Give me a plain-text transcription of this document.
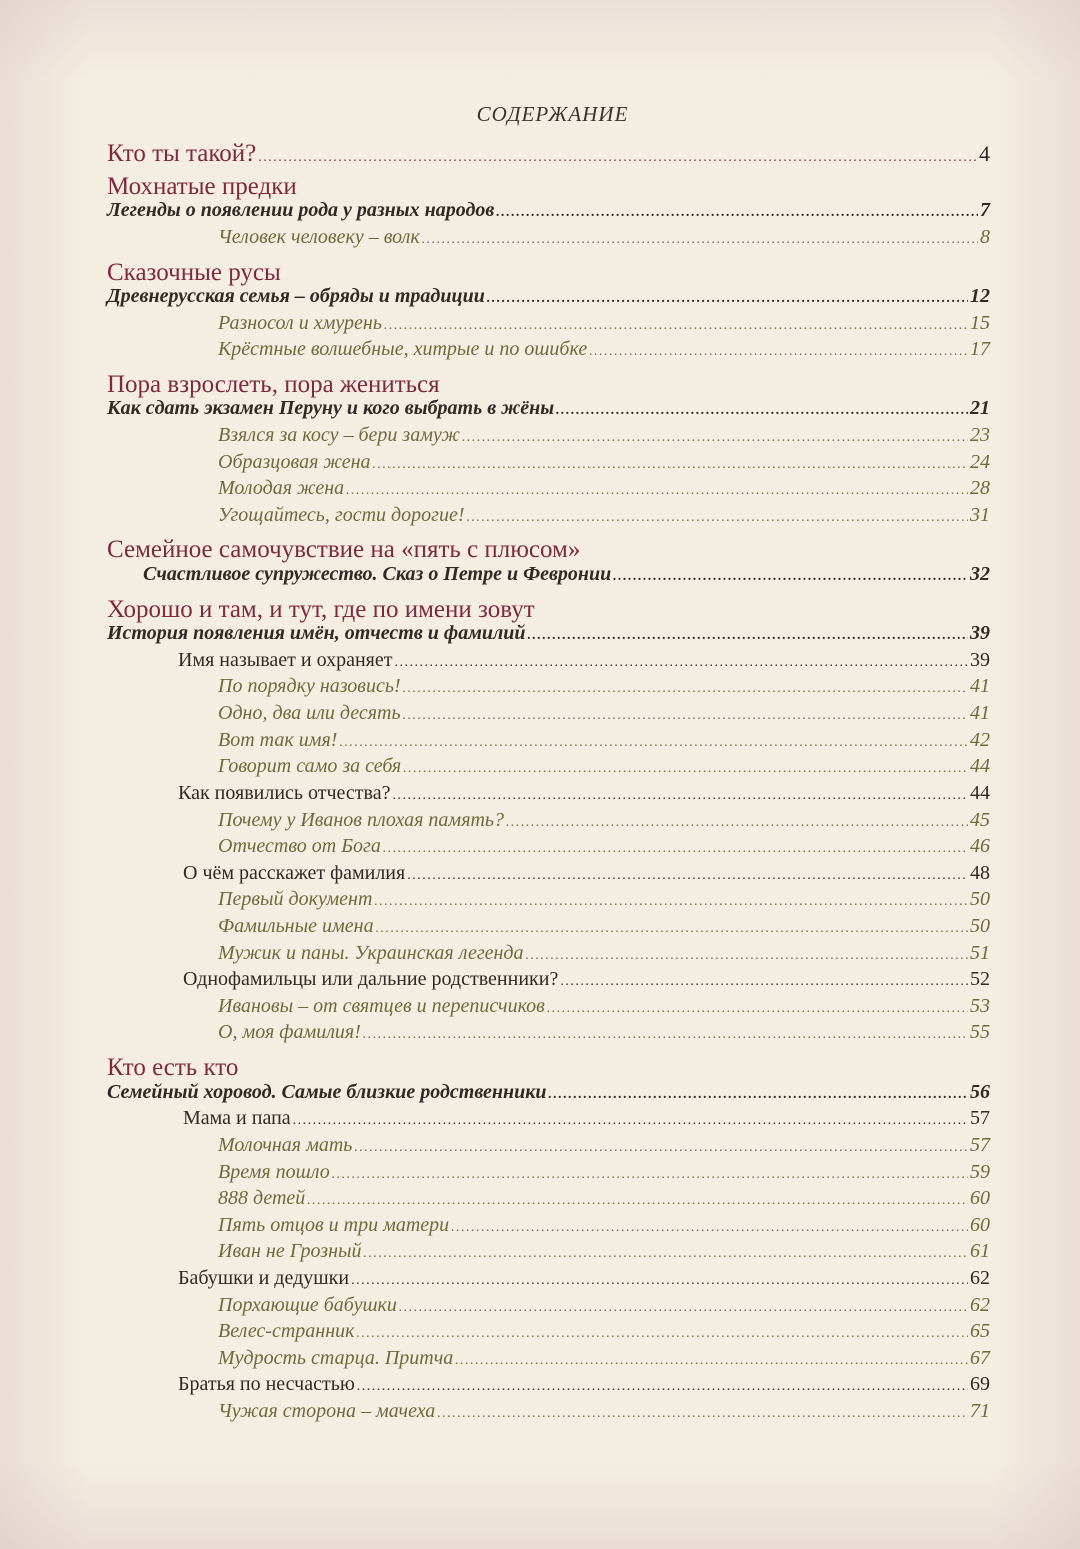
СОДЕРЖАНИЕ
Кто ты такой? . . .	4
Мохнатые предки
Легенды о появлении рода у разных народов . . .	7
Человек человеку – волк . . .	8
Сказочные русы
Древнерусская семья – обряды и традиции . . .	12
Разносол и хмурень . . .	15
Крёстные волшебные, хитрые и по ошибке . . .	17
Пора взрослеть, пора жениться
Как сдать экзамен Перуну и кого выбрать в жёны . . .	21
Взялся за косу – бери замуж . . .	23
Образцовая жена . . .	24
Молодая жена . . .	28
Угощайтесь, гости дорогие! . . .	31
Семейное самочувствие на «пять с плюсом»
Счастливое супружество. Сказ о Петре и Февронии . . .	32
Хорошо и там, и тут, где по имени зовут
История появления имён, отчеств и фамилий . . .	39
Имя называет и охраняет . . .	39
По порядку назовись! . . .	41
Одно, два или десять . . .	41
Вот так имя! . . .	42
Говорит само за себя . . .	44
Как появились отчества? . . .	44
Почему у Иванов плохая память? . . .	45
Отчество от Бога . . .	46
О чём расскажет фамилия . . .	48
Первый документ . . .	50
Фамильные имена . . .	50
Мужик и паны. Украинская легенда . . .	51
Однофамильцы или дальние родственники? . . .	52
Ивановы – от святцев и переписчиков . . .	53
О, моя фамилия! . . .	55
Кто есть кто
Семейный хоровод. Самые близкие родственники . . .	56
Мама и папа . . .	57
Молочная мать . . .	57
Время пошло . . .	59
888 детей . . .	60
Пять отцов и три матери . . .	60
Иван не Грозный . . .	61
Бабушки и дедушки . . .	62
Порхающие бабушки . . .	62
Велес-странник . . .	65
Мудрость старца. Притча . . .	67
Братья по несчастью . . .	69
Чужая сторона – мачеха . . .	71
